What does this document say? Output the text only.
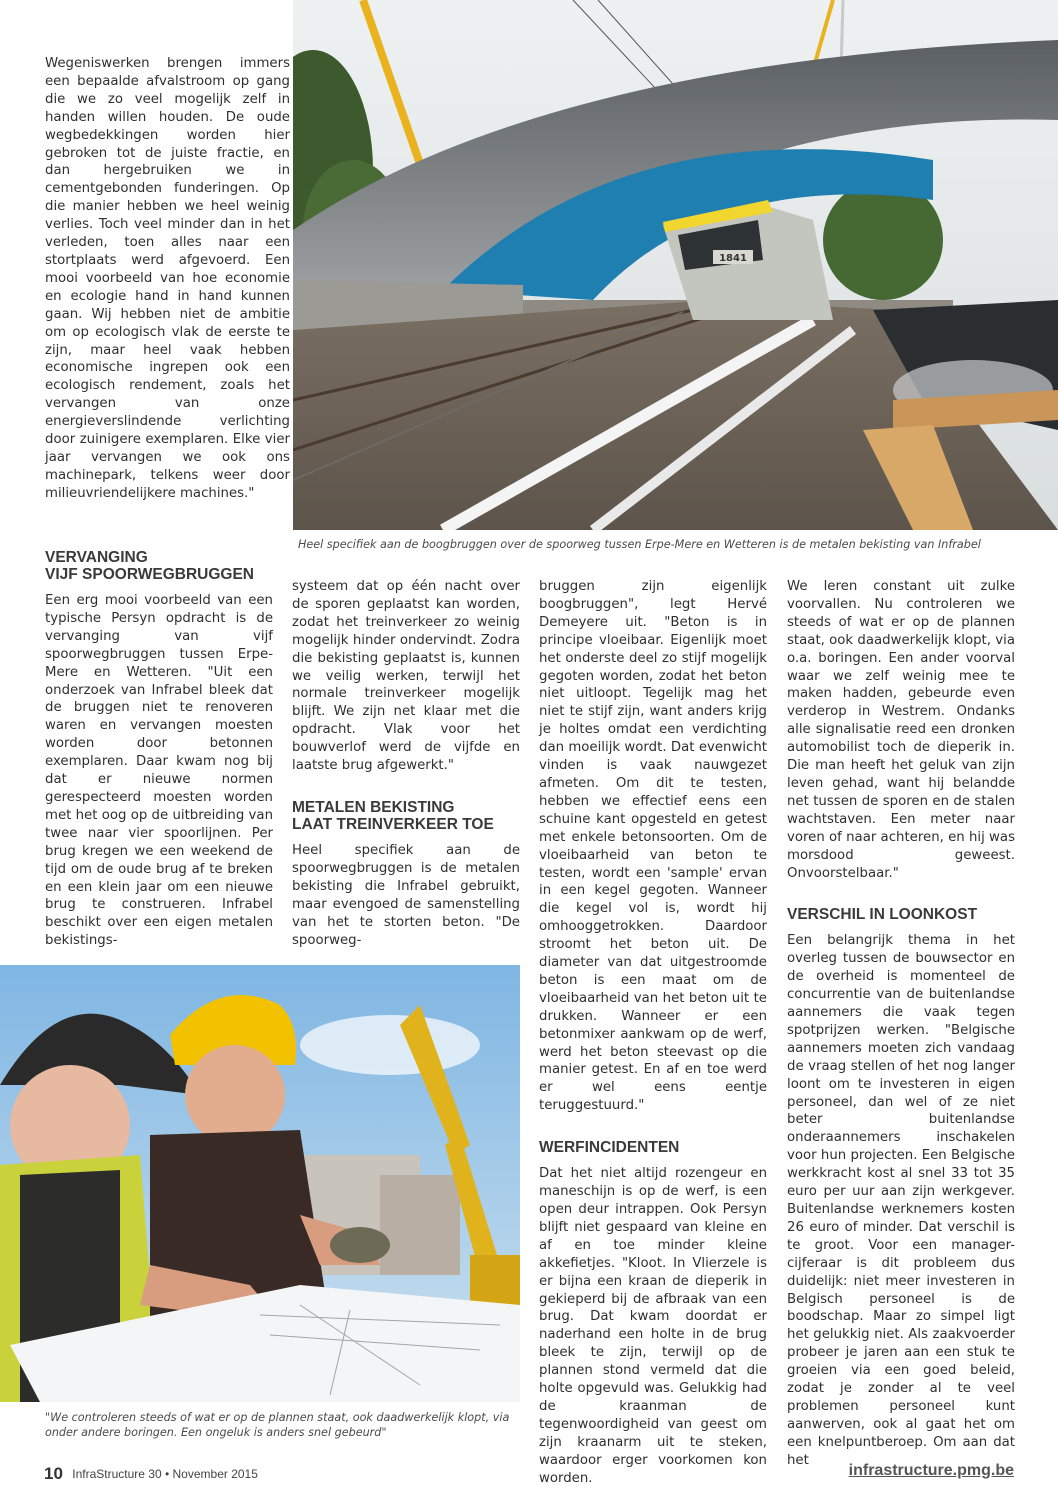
Wegeniswerken brengen immers een bepaalde afvalstroom op gang die we zo veel mogelijk zelf in handen willen houden. De oude wegbedekkingen worden hier gebroken tot de juiste fractie, en dan hergebruiken we in cementgebonden funderingen. Op die manier hebben we heel weinig verlies. Toch veel minder dan in het verleden, toen alles naar een stortplaats werd afgevoerd. Een mooi voorbeeld van hoe economie en ecologie hand in hand kunnen gaan. Wij hebben niet de ambitie om op ecologisch vlak de eerste te zijn, maar heel vaak hebben economische ingrepen ook een ecologisch rendement, zoals het vervangen van onze energieverslindende verlichting door zuinigere exemplaren. Elke vier jaar vervangen we ook ons machinepark, telkens weer door milieuvriendelijkere machines."

1841
Heel specifiek aan de boogbruggen over de spoorweg tussen Erpe-Mere en Wetteren is de metalen bekisting van Infrabel
VERVANGING
VIJF SPOORWEGBRUGGEN

Een erg mooi voorbeeld van een typische Persyn opdracht is de vervanging van vijf spoorwegbruggen tussen Erpe-Mere en Wetteren. "Uit een onderzoek van Infrabel bleek dat de bruggen niet te renoveren waren en vervangen moesten worden door betonnen exemplaren. Daar kwam nog bij dat er nieuwe normen gerespecteerd moesten worden met het oog op de uitbreiding van twee naar vier spoorlijnen. Per brug kregen we een weekend de tijd om de oude brug af te breken en een klein jaar om een nieuwe brug te construeren. Infrabel beschikt over een eigen metalen bekistings-

systeem dat op één nacht over de sporen geplaatst kan worden, zodat het treinverkeer zo weinig mogelijk hinder ondervindt. Zodra die bekisting geplaatst is, kunnen we veilig werken, terwijl het normale treinverkeer mogelijk blijft. We zijn net klaar met die opdracht. Vlak voor het bouwverlof werd de vijfde en laatste brug afgewerkt."

METALEN BEKISTING
LAAT TREINVERKEER TOE

Heel specifiek aan de spoorwegbruggen is de metalen bekisting die Infrabel gebruikt, maar evengoed de samenstelling van het te storten beton. "De spoorweg-

bruggen zijn eigenlijk boogbruggen", legt Hervé Demeyere uit. "Beton is in principe vloeibaar. Eigenlijk moet het onderste deel zo stijf mogelijk gegoten worden, zodat het beton niet uitloopt. Tegelijk mag het niet te stijf zijn, want anders krijg je holtes omdat een verdichting dan moeilijk wordt. Dat evenwicht vinden is vaak nauwgezet afmeten. Om dit te testen, hebben we effectief eens een schuine kant opgesteld en getest met enkele betonsoorten. Om de vloeibaarheid van beton te testen, wordt een 'sample' ervan in een kegel gegoten. Wanneer die kegel vol is, wordt hij omhooggetrokken. Daardoor stroomt het beton uit. De diameter van dat uitgestroomde beton is een maat om de vloeibaarheid van het beton uit te drukken. Wanneer er een betonmixer aankwam op de werf, werd het beton steevast op die manier getest. En af en toe werd er wel eens eentje teruggestuurd."

WERFINCIDENTEN

Dat het niet altijd rozengeur en maneschijn is op de werf, is een open deur intrappen. Ook Persyn blijft niet gespaard van kleine en af en toe minder kleine akkefietjes. "Kloot. In Vlierzele is er bijna een kraan de dieperik in gekieperd bij de afbraak van een brug. Dat kwam doordat er naderhand een holte in de brug bleek te zijn, terwijl op de plannen stond vermeld dat die holte opgevuld was. Gelukkig had de kraanman de tegenwoordigheid van geest om zijn kraanarm uit te steken, waardoor erger voorkomen kon worden.

We leren constant uit zulke voorvallen. Nu controleren we steeds of wat er op de plannen staat, ook daadwerkelijk klopt, via o.a. boringen. Een ander voorval waar we zelf weinig mee te maken hadden, gebeurde even verderop in Westrem. Ondanks alle signalisatie reed een dronken automobilist toch de dieperik in. Die man heeft het geluk van zijn leven gehad, want hij belandde net tussen de sporen en de stalen wachtstaven. Een meter naar voren of naar achteren, en hij was morsdood geweest. Onvoorstelbaar."

VERSCHIL IN LOONKOST

Een belangrijk thema in het overleg tussen de bouwsector en de overheid is momenteel de concurrentie van de buitenlandse aannemers die vaak tegen spotprijzen werken. "Belgische aannemers moeten zich vandaag de vraag stellen of het nog langer loont om te investeren in eigen personeel, dan wel of ze niet beter buitenlandse onderaannemers inschakelen voor hun projecten. Een Belgische werkkracht kost al snel 33 tot 35 euro per uur aan zijn werkgever. Buitenlandse werknemers kosten 26 euro of minder. Dat verschil is te groot. Voor een manager-cijferaar is dit probleem dus duidelijk: niet meer investeren in Belgisch personeel is de boodschap. Maar zo simpel ligt het gelukkig niet. Als zaakvoerder probeer je jaren aan een stuk te groeien via een goed beleid, zodat je zonder al te veel problemen personeel kunt aanwerven, ook al gaat het om een knelpuntberoep. Om aan dat het

"We controleren steeds of wat er op de plannen staat, ook daadwerkelijk klopt, via onder andere boringen. Een ongeluk is anders snel gebeurd"
10 InfraStructure 30 • November 2015	infrastructure.pmg.be
